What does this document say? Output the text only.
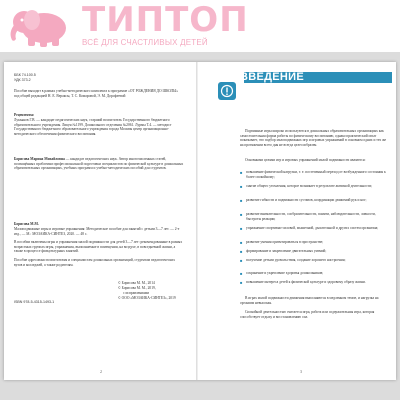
ТИПТОП
ВСЁ ДЛЯ СЧАСТЛИВЫХ ДЕТЕЙ
ББК 74.100.5
УДК 373.2
Пособие выходит в рамках учебно-методического комплекта к программе «ОТ РОЖДЕНИЯ ДО ШКОЛЫ» под общей редакцией Н. Е. Вераксы, Т. С. Комаровой, Э. М. Дорофеевой
Рецензенты:
Лукьянов Г.В. — кандидат педагогических наук, старший воспитатель Государственного бюджетного образовательного учреждения. Лицея №1199. Дошкольного отделения №2061. Лурмы Т.4. — методист Государственного бюджетного образовательного учреждения города Москвы центр организационно-методического обеспечения физического воспитания.
Борисова Марина Михайловна — кандидат педагогических наук. Автор многочисленных статей, посвящённых проблемам профессиональной подготовки специалистов по физической культуре в дошкольных образовательных организациях, учебных программ и учебно-методических пособий для студентов.
Борисова М.М.
Малоподвижные игры и игровые упражнения: Методическое пособие для занятий с детьми 3—7 лет. — 2-е изд., — М.: МОЗАИКА-СИНТЕЗ, 2020. — 48 с.
В пособии включены игры и упражнения малой подвижности для детей 3—7 лет: рекомендованные в разных возрастных группах игры, упражнения, выполняемые в помещении, на воздухе, в повседневной жизни, а также в процессе физкультурных занятий.
Пособие адресовано воспитателям и специалистам дошкольных организаций, студентам педагогических вузов и колледжей, а также родителям.
ISBN 978-5-4315-1493-1
© Борисова М. М., 2014
© Борисова М. М., 2019,
с исправлениями
© ООО «МОЗАИКА-СИНТЕЗ», 2019
2
ВВЕДЕНИЕ
Подвижные игры широко используются в дошкольных образовательных организациях как самостоятельная форма работы по физическому воспитанию, однако практический опыт показывает, что подбор малоподвижных игр и игровых упражнений в основном одних и тех же на протяжении всего дня не всегда целесообразен.
Основными целями игр и игровых упражнений малой подвижности являются:
■ повышение физической нагрузки, т. е. постепенный переход от возбужденного состояния к более спокойному;
■ снятие общего утомления, которое возникает в результате активной деятельности;
■ развитие гибкости и подвижности суставов, координации движений рук и ног;
■ развитие внимательности, сообразительности, памяти, наблюдательности, ловкости, быстроты реакции;
■ упражнение спортивно-силовой, мышечной, дыхательной и других систем организма;
■ развитие умения ориентироваться в пространстве;
■ формирование и закрепление двигательных умений;
■ получение детьми удовольствия, создание хорошего настроения;
■ сохранение и укрепление здоровья дошкольников;
■ повышение интереса детей к физической культуре и здоровому образу жизни.
В играх малой подвижности движения выполняются в медленном темпе, и нагрузка на организм невысокая.
Спокойной деятельностью считается игра, работа или содержательная игра, которая способствует отдыху и восстановлению сил.
3
